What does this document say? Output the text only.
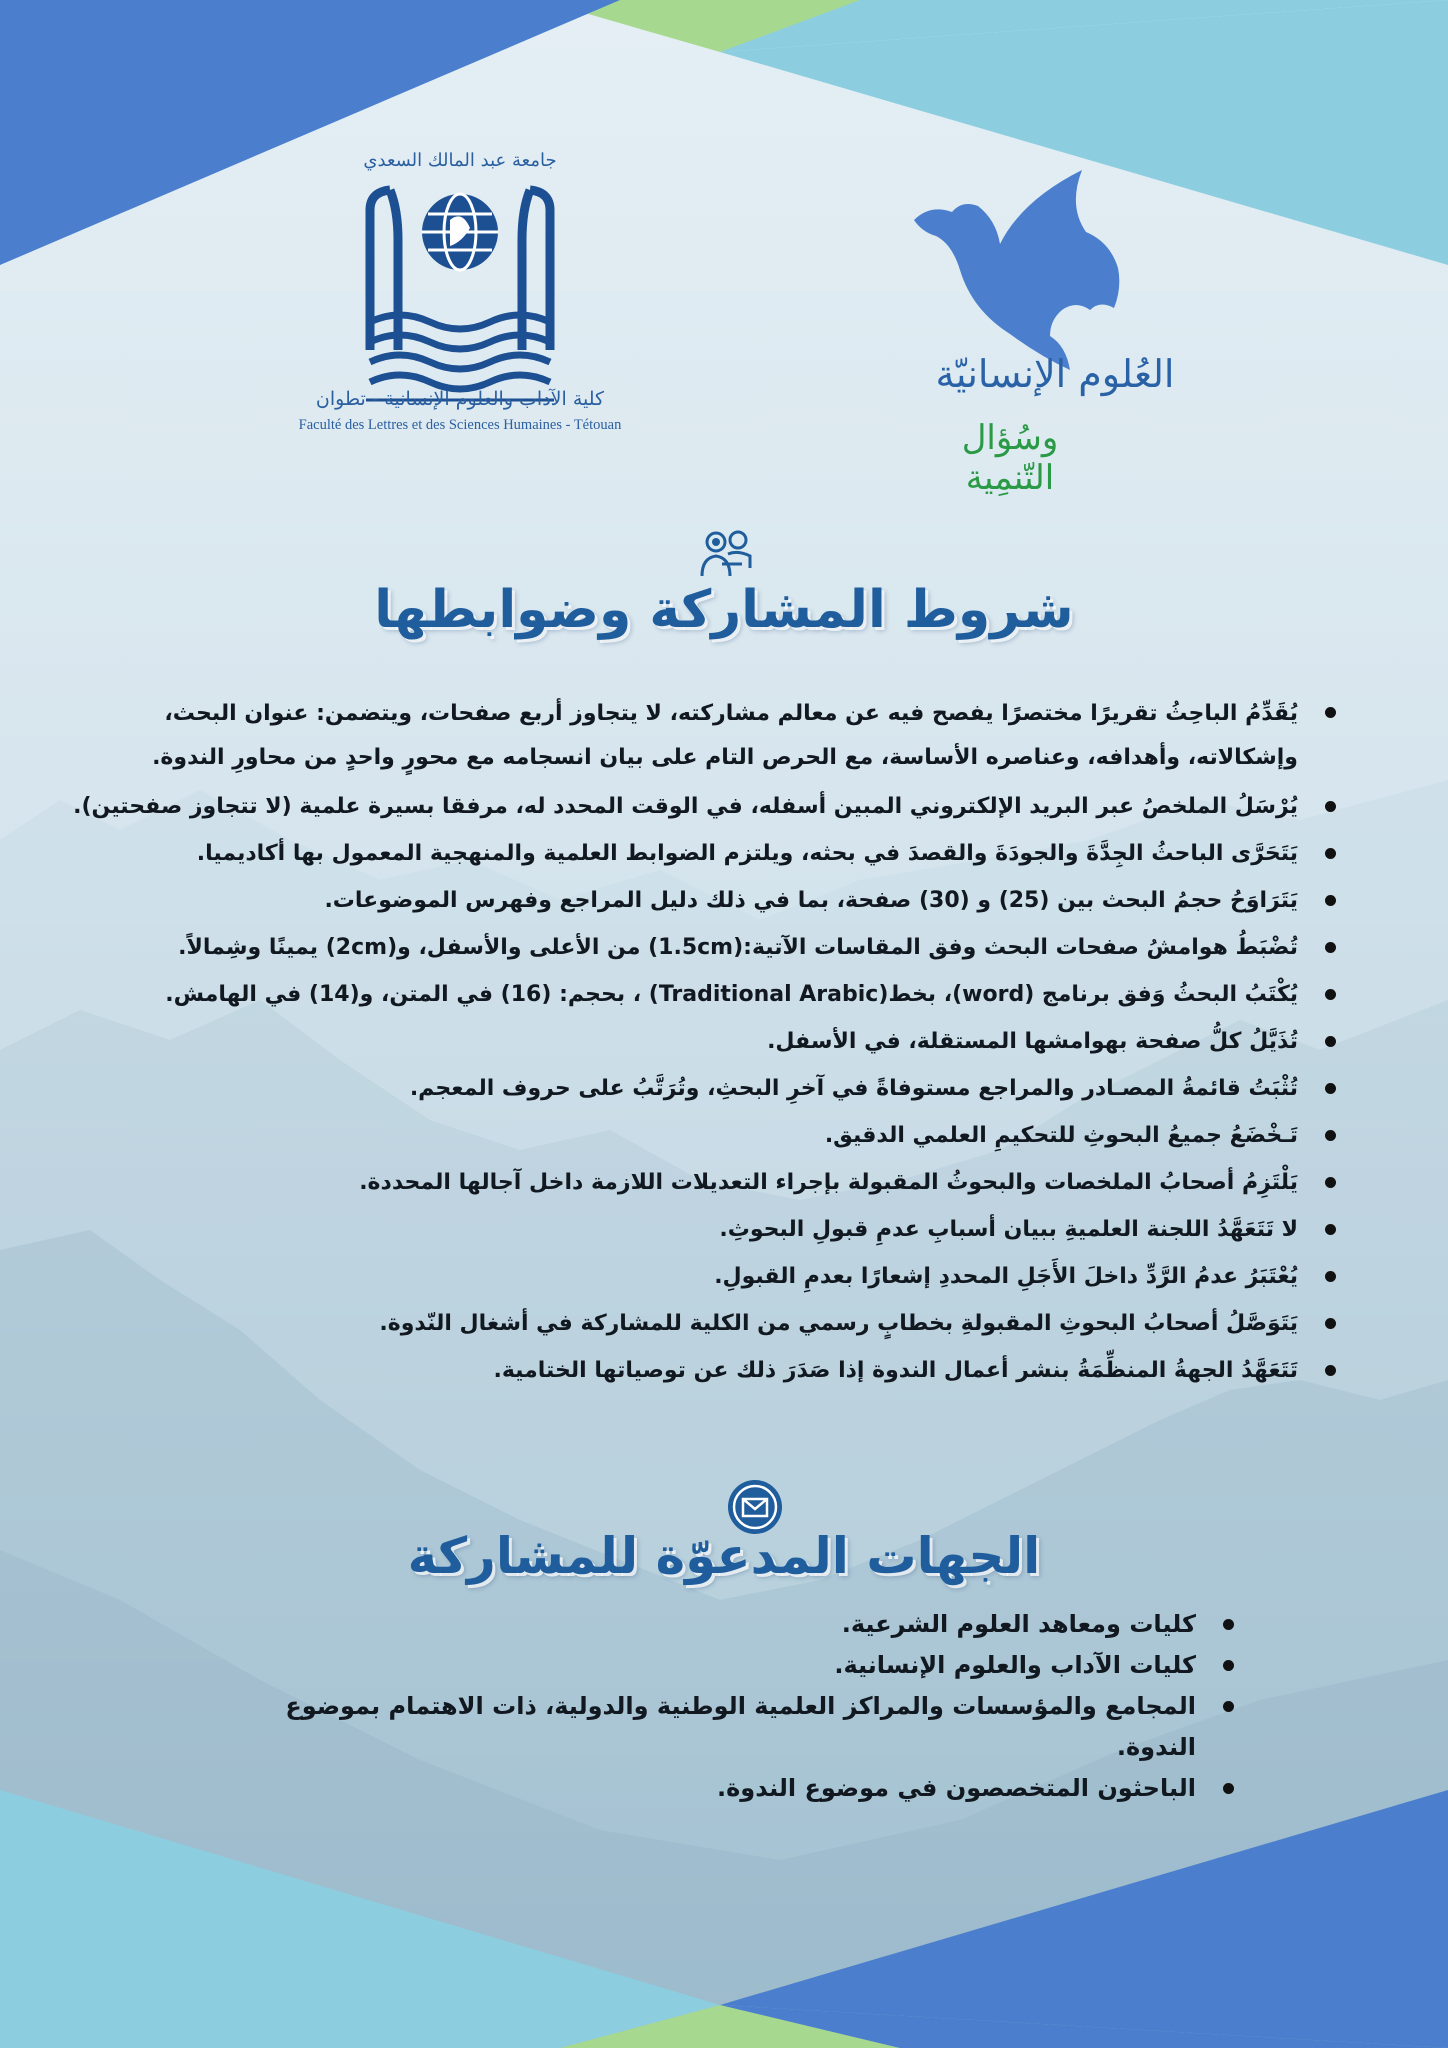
جامعة عبد المالك السعدي
كلية الآداب والعلوم الإنسانية - تطوان
Faculté des Lettres et des Sciences Humaines - Tétouan
العُلوم الإنسانيّة
وسُؤال التّنمِية
شروط المشاركة وضوابطها
يُقَدِّمُ الباحِثُ تقريرًا مختصرًا يفصح فيه عن معالم مشاركته، لا يتجاوز أربع صفحات، ويتضمن: عنوان البحث، وإشكالاته، وأهدافه، وعناصره الأساسة، مع الحرص التام على بيان انسجامه مع محورٍ واحدٍ من محاورِ الندوة.
يُرْسَلُ الملخصُ عبر البريد الإلكتروني المبين أسفله، في الوقت المحدد له، مرفقا بسيرة علمية (لا تتجاوز صفحتين).
يَتَحَرَّى الباحثُ الجِدَّةَ والجودَةَ والقصدَ في بحثه، ويلتزم الضوابط العلمية والمنهجية المعمول بها أكاديميا.
يَتَرَاوَحُ حجمُ البحث بين (25) و (30) صفحة، بما في ذلك دليل المراجع وفهرس الموضوعات.
تُضْبَطُ هوامشُ صفحات البحث وفق المقاسات الآتية:(1.5cm) من الأعلى والأسفل، و(2cm) يمينًا وشِمالاً.
يُكْتَبُ البحثُ وَفق برنامج (word)، بخط(Traditional Arabic) ، بحجم: (16) في المتن، و(14) في الهامش.
تُذَيَّلُ كلُّ صفحة بهوامشها المستقلة، في الأسفل.
تُثْبَتُ قائمةُ المصـادر والمراجع مستوفاةً في آخرِ البحثِ، وتُرَتَّبُ على حروف المعجم.
تَـخْضَعُ جميعُ البحوثِ للتحكيمِ العلمي الدقيق.
يَلْتَزِمُ أصحابُ الملخصات والبحوثُ المقبولة بإجراء التعديلات اللازمة داخل آجالها المحددة.
لا تَتَعَهَّدُ اللجنة العلميةِ ببيان أسبابِ عدمِ قبولِ البحوثِ.
يُعْتَبَرُ عدمُ الرَّدِّ داخلَ الأَجَلِ المحددِ إشعارًا بعدمِ القبولِ.
يَتَوَصَّلُ أصحابُ البحوثِ المقبولةِ بخطابٍ رسمي من الكلية للمشاركة في أشغال النّدوة.
تَتَعَهَّدُ الجهةُ المنظِّمَةُ بنشر أعمال الندوة إذا صَدَرَ ذلك عن توصياتها الختامية.
الجهات المدعوّة للمشاركة
كليات ومعاهد العلوم الشرعية.
كليات الآداب والعلوم الإنسانية.
المجامع والمؤسسات والمراكز العلمية الوطنية والدولية، ذات الاهتمام بموضوع الندوة.
الباحثون المتخصصون في موضوع الندوة.
